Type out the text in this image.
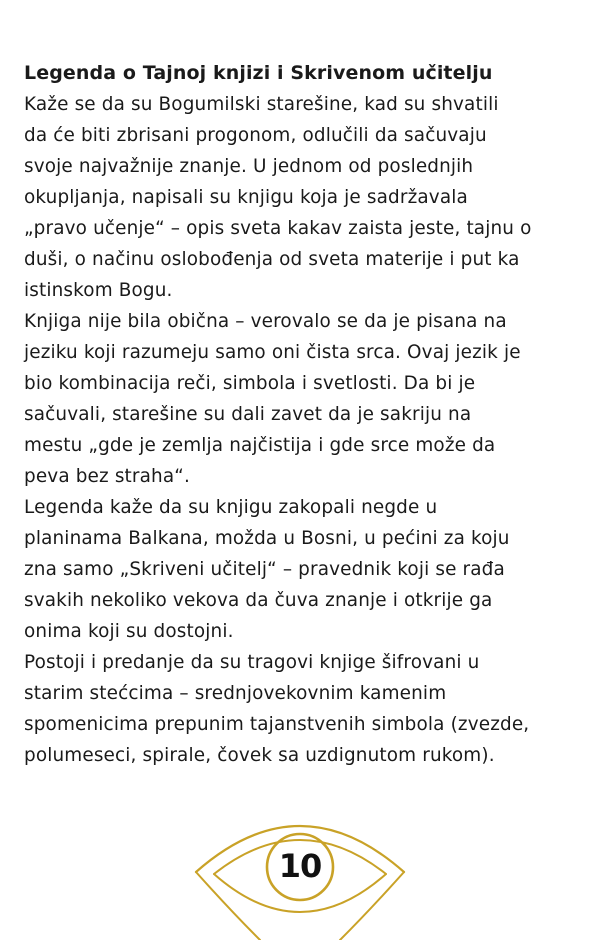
Legenda o Tajnoj knjizi i Skrivenom učitelju

Kaže se da su Bogumilski starešine, kad su shvatili
da će biti zbrisani progonom, odlučili da sačuvaju
svoje najvažnije znanje. U jednom od poslednjih
okupljanja, napisali su knjigu koja je sadržavala
„pravo učenje“ – opis sveta kakav zaista jeste, tajnu o
duši, o načinu oslobođenja od sveta materije i put ka
istinskom Bogu.

Knjiga nije bila obična – verovalo se da je pisana na
jeziku koji razumeju samo oni čista srca. Ovaj jezik je
bio kombinacija reči, simbola i svetlosti. Da bi je
sačuvali, starešine su dali zavet da je sakriju na
mestu „gde je zemlja najčistija i gde srce može da
peva bez straha“.

Legenda kaže da su knjigu zakopali negde u
planinama Balkana, možda u Bosni, u pećini za koju
zna samo „Skriveni učitelj“ – pravednik koji se rađa
svakih nekoliko vekova da čuva znanje i otkrije ga
onima koji su dostojni.

Postoji i predanje da su tragovi knjige šifrovani u
starim stećcima – srednjovekovnim kamenim
spomenicima prepunim tajanstvenih simbola (zvezde,
polumeseci, spirale, čovek sa uzdignutom rukom).

10
